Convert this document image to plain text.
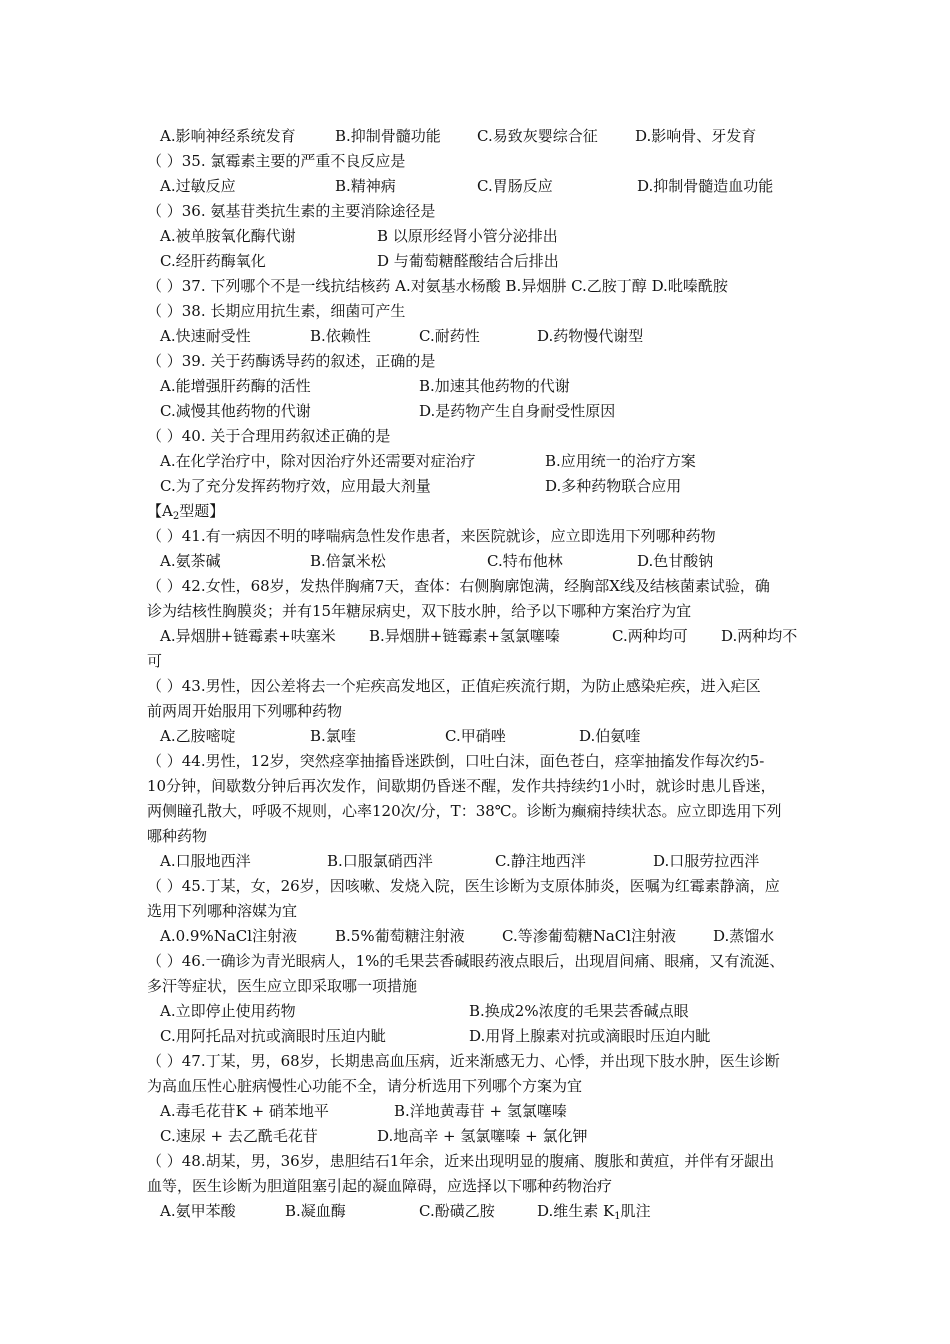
A.影响神经系统发育	B.抑制骨髓功能 C.易致灰婴综合征 D.影响骨、牙发育
（ ）35. 氯霉素主要的严重不良反应是
A.过敏反应	B.精神病	C.胃肠反应	D.抑制骨髓造血功能
（ ）36. 氨基苷类抗生素的主要消除途径是
A.被单胺氧化酶代谢	B 以原形经肾小管分泌排出
C.经肝药酶氧化	D 与葡萄糖醛酸结合后排出
（ ）37. 下列哪个不是一线抗结核药 A.对氨基水杨酸 B.异烟肼 C.乙胺丁醇 D.吡嗪酰胺
（ ）38. 长期应用抗生素，细菌可产生
A.快速耐受性	B.依赖性	C.耐药性	D.药物慢代谢型
（ ）39. 关于药酶诱导药的叙述，正确的是
A.能增强肝药酶的活性	B.加速其他药物的代谢
C.减慢其他药物的代谢	D.是药物产生自身耐受性原因
（ ）40. 关于合理用药叙述正确的是
A.在化学治疗中，除对因治疗外还需要对症治疗	B.应用统一的治疗方案
C.为了充分发挥药物疗效，应用最大剂量	D.多种药物联合应用
【$A_2$型题】
（ ）41.有一病因不明的哮喘病急性发作患者，来医院就诊，应立即选用下列哪种药物
A.氨茶碱	B.倍氯米松	C.特布他林	D.色甘酸钠
（ ）42.女性，68岁，发热伴胸痛7天，查体：右侧胸廓饱满，经胸部X线及结核菌素试验，确
诊为结核性胸膜炎；并有15年糖尿病史，双下肢水肿，给予以下哪种方案治疗为宜
A.异烟肼+链霉素+呋塞米 B.异烟肼+链霉素+氢氯噻嗪	C.两种均可 D.两种均不
可
（ ）43.男性，因公差将去一个疟疾高发地区，正值疟疾流行期，为防止感染疟疾，进入疟区
前两周开始服用下列哪种药物
A.乙胺嘧啶	B.氯喹	C.甲硝唑	D.伯氨喹
（ ）44.男性，12岁，突然痉挛抽搐昏迷跌倒，口吐白沫，面色苍白，痉挛抽搐发作每次约5-
10分钟，间歇数分钟后再次发作，间歇期仍昏迷不醒，发作共持续约1小时，就诊时患儿昏迷，
两侧瞳孔散大，呼吸不规则，心率120次/分，T：38℃。诊断为癫痫持续状态。应立即选用下列
哪种药物
A.口服地西泮	B.口服氯硝西泮	C.静注地西泮	D.口服劳拉西泮
（ ）45.丁某，女，26岁，因咳嗽、发烧入院，医生诊断为支原体肺炎，医嘱为红霉素静滴，应
选用下列哪种溶媒为宜
A.0.9%NaCl注射液	B.5%葡萄糖注射液 C.等渗葡萄糖NaCl注射液 D.蒸馏水
（ ）46.一确诊为青光眼病人，1%的毛果芸香碱眼药液点眼后，出现眉间痛、眼痛，又有流涎、
多汗等症状，医生应立即采取哪一项措施
A.立即停止使用药物	B.换成2%浓度的毛果芸香碱点眼
C.用阿托品对抗或滴眼时压迫内眦	D.用肾上腺素对抗或滴眼时压迫内眦
（ ）47.丁某，男，68岁，长期患高血压病，近来渐感无力、心悸，并出现下肢水肿，医生诊断
为高血压性心脏病慢性心功能不全，请分析选用下列哪个方案为宜
A.毒毛花苷K + 硝苯地平	B.洋地黄毒苷 + 氢氯噻嗪
C.速尿 + 去乙酰毛花苷	D.地高辛 + 氢氯噻嗪 + 氯化钾
（ ）48.胡某，男，36岁，患胆结石1年余，近来出现明显的腹痛、腹胀和黄疸，并伴有牙龈出
血等，医生诊断为胆道阻塞引起的凝血障碍，应选择以下哪种药物治疗
A.氨甲苯酸	B.凝血酶	C.酚磺乙胺	D.维生素 $K_1$肌注
